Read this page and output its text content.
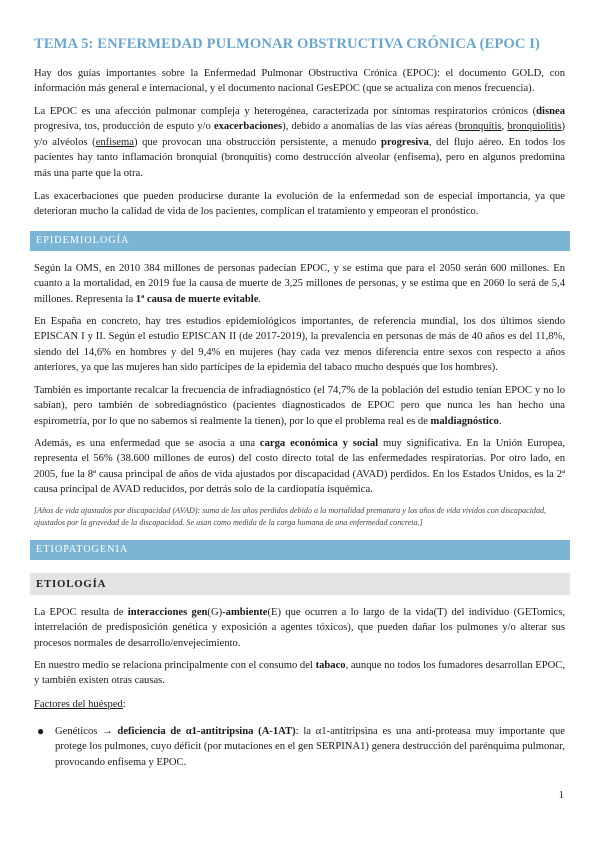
TEMA 5: ENFERMEDAD PULMONAR OBSTRUCTIVA CRÓNICA (EPOC I)

Hay dos guías importantes sobre la Enfermedad Pulmonar Obstructiva Crónica (EPOC): el documento GOLD, con información más general e internacional, y el documento nacional GesEPOC (que se actualiza con menos frecuencia).

La EPOC es una afección pulmonar compleja y heterogénea, caracterizada por síntomas respiratorios crónicos (disnea progresiva, tos, producción de esputo y/o exacerbaciones), debido a anomalías de las vías aéreas (bronquitis, bronquiolitis) y/o alvéolos (enfisema) que provocan una obstrucción persistente, a menudo progresiva, del flujo aéreo. En todos los pacientes hay tanto inflamación bronquial (bronquitis) como destrucción alveolar (enfisema), pero en algunos predomina más una parte que la otra.

Las exacerbaciones que pueden producirse durante la evolución de la enfermedad son de especial importancia, ya que deterioran mucho la calidad de vida de los pacientes, complican el tratamiento y empeoran el pronóstico.

EPIDEMIOLOGÍA

Según la OMS, en 2010 384 millones de personas padecían EPOC, y se estima que para el 2050 serán 600 millones. En cuanto a la mortalidad, en 2019 fue la causa de muerte de 3,25 millones de personas, y se estima que en 2060 lo será de 5,4 millones. Representa la 1ª causa de muerte evitable.

En España en concreto, hay tres estudios epidemiológicos importantes, de referencia mundial, los dos últimos siendo EPISCAN I y II. Según el estudio EPISCAN II (de 2017-2019), la prevalencia en personas de más de 40 años es del 11,8%, siendo del 14,6% en hombres y del 9,4% en mujeres (hay cada vez menos diferencia entre sexos con respecto a años anteriores, ya que las mujeres han sido partícipes de la epidemia del tabaco mucho después que los hombres).

También es importante recalcar la frecuencia de infradiagnóstico (el 74,7% de la población del estudio tenían EPOC y no lo sabían), pero también de sobrediagnóstico (pacientes diagnosticados de EPOC pero que nunca les han hecho una espirometría, por lo que no sabemos si realmente la tienen), por lo que el problema real es de maldiagnóstico.

Además, es una enfermedad que se asocia a una carga económica y social muy significativa. En la Unión Europea, representa el 56% (38.600 millones de euros) del costo directo total de las enfermedades respiratorias. Por otro lado, en 2005, fue la 8ª causa principal de años de vida ajustados por discapacidad (AVAD) perdidos. En los Estados Unidos, es la 2ª causa principal de AVAD reducidos, por detrás solo de la cardiopatía isquémica.

[Años de vida ajustados por discapacidad (AVAD): suma de los años perdidos debido a la mortalidad prematura y los años de vida vividos con discapacidad, ajustados por la gravedad de la discapacidad. Se usan como medida de la carga humana de una enfermedad concreta.]

ETIOPATOGENIA
ETIOLOGÍA

La EPOC resulta de interacciones gen(G)-ambiente(E) que ocurren a lo largo de la vida(T) del individuo (GETomics, interrelación de predisposición genética y exposición a agentes tóxicos), que pueden dañar los pulmones y/o alterar sus procesos normales de desarrollo/envejecimiento.

En nuestro medio se relaciona principalmente con el consumo del tabaco, aunque no todos los fumadores desarrollan EPOC, y también existen otras causas.

Factores del huésped:

● Genéticos → deficiencia de α1-antitripsina (A-1AT): la α1-antitripsina es una anti-proteasa muy importante que protege los pulmones, cuyo déficit (por mutaciones en el gen SERPINA1) genera destrucción del parénquima pulmonar, provocando enfisema y EPOC.
1
